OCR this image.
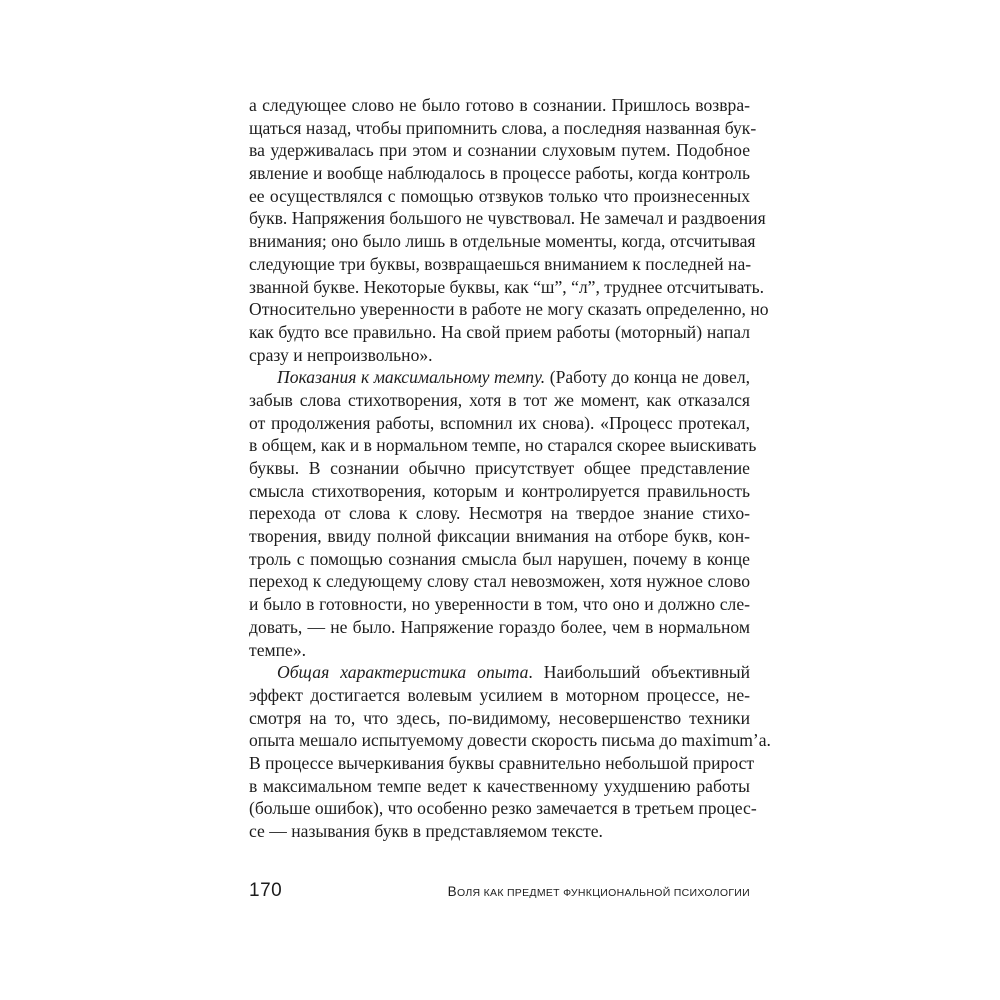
а следующее слово не было готово в сознании. Пришлось возвра-
щаться назад, чтобы припомнить слова, а последняя названная бук-
ва удерживалась при этом и сознании слуховым путем. Подобное
явление и вообще наблюдалось в процессе работы, когда контроль
ее осуществлялся с помощью отзвуков только что произнесенных
букв. Напряжения большого не чувствовал. Не замечал и раздвоения
внимания; оно было лишь в отдельные моменты, когда, отсчитывая
следующие три буквы, возвращаешься вниманием к последней на-
званной букве. Некоторые буквы, как “ш”, “л”, труднее отсчитывать.
Относительно уверенности в работе не могу сказать определенно, но
как будто все правильно. На свой прием работы (моторный) напал
сразу и непроизвольно».
Показания к максимальному темпу. (Работу до конца не довел,
забыв слова стихотворения, хотя в тот же момент, как отказался
от продолжения работы, вспомнил их снова). «Процесс протекал,
в общем, как и в нормальном темпе, но старался скорее выискивать
буквы. В сознании обычно присутствует общее представление
смысла стихотворения, которым и контролируется правильность
перехода от слова к слову. Несмотря на твердое знание стихо-
творения, ввиду полной фиксации внимания на отборе букв, кон-
троль с помощью сознания смысла был нарушен, почему в конце
переход к следующему слову стал невозможен, хотя нужное слово
и было в готовности, но уверенности в том, что оно и должно сле-
довать, — не было. Напряжение гораздо более, чем в нормальном
темпе».
Общая характеристика опыта. Наибольший объективный
эффект достигается волевым усилием в моторном процессе, не-
смотря на то, что здесь, по-видимому, несовершенство техники
опыта мешало испытуемому довести скорость письма до maximum’а.
В процессе вычеркивания буквы сравнительно небольшой прирост
в максимальном темпе ведет к качественному ухудшению работы
(больше ошибок), что особенно резко замечается в третьем процес-
се — называния букв в представляемом тексте.
170	ВОЛЯ КАК ПРЕДМЕТ ФУНКЦИОНАЛЬНОЙ ПСИХОЛОГИИ
